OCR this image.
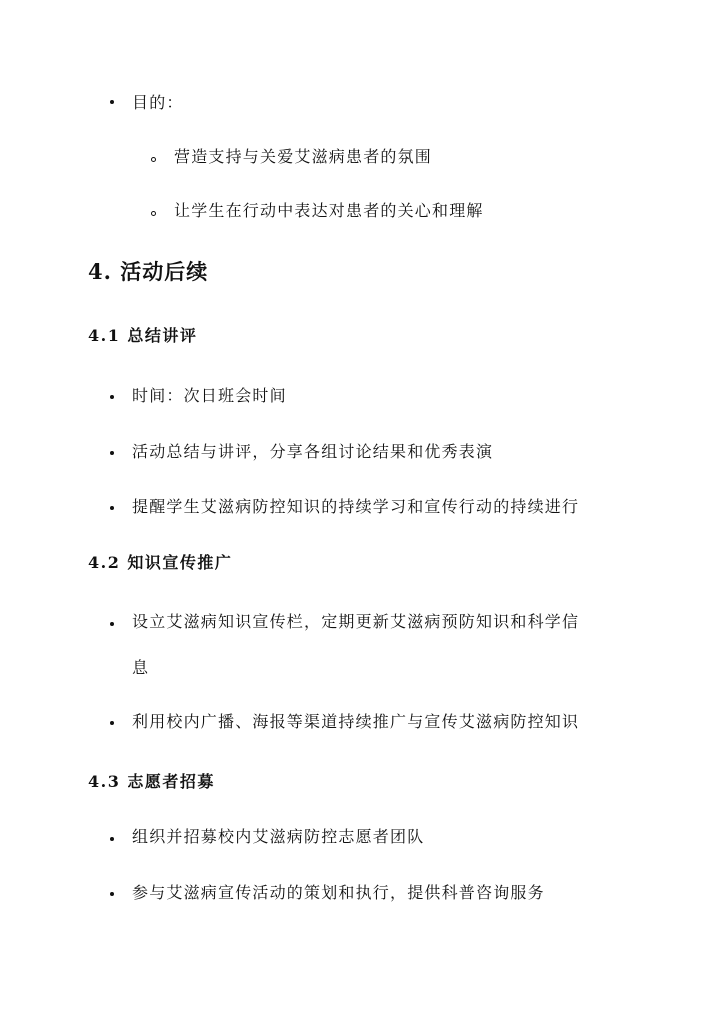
目的：
营造支持与关爱艾滋病患者的氛围
让学生在行动中表达对患者的关心和理解
4. 活动后续
4.1 总结讲评
时间：次日班会时间
活动总结与讲评，分享各组讨论结果和优秀表演
提醒学生艾滋病防控知识的持续学习和宣传行动的持续进行
4.2 知识宣传推广
设立艾滋病知识宣传栏，定期更新艾滋病预防知识和科学信
息
利用校内广播、海报等渠道持续推广与宣传艾滋病防控知识
4.3 志愿者招募
组织并招募校内艾滋病防控志愿者团队
参与艾滋病宣传活动的策划和执行，提供科普咨询服务
